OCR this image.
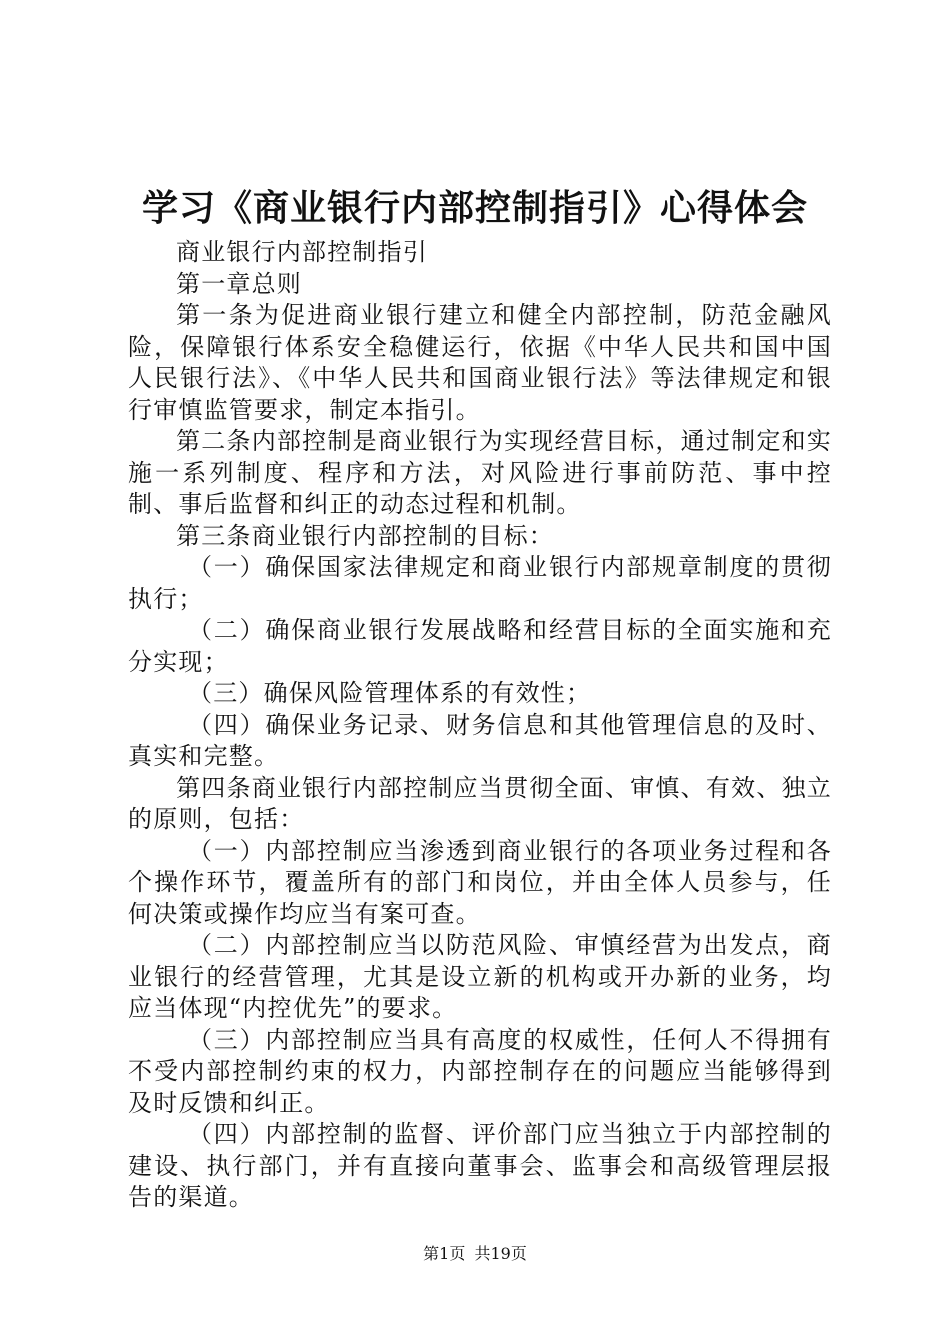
学习《商业银行内部控制指引》心得体会

商业银行内部控制指引

第一章总则

第一条为促进商业银行建立和健全内部控制，防范金融风险，保障银行体系安全稳健运行，依据《中华人民共和国中国人民银行法》、《中华人民共和国商业银行法》等法律规定和银行审慎监管要求，制定本指引。

第二条内部控制是商业银行为实现经营目标，通过制定和实施一系列制度、程序和方法，对风险进行事前防范、事中控制、事后监督和纠正的动态过程和机制。

第三条商业银行内部控制的目标：

（一）确保国家法律规定和商业银行内部规章制度的贯彻执行；

（二）确保商业银行发展战略和经营目标的全面实施和充分实现；

（三）确保风险管理体系的有效性；

（四）确保业务记录、财务信息和其他管理信息的及时、真实和完整。

第四条商业银行内部控制应当贯彻全面、审慎、有效、独立的原则，包括：

（一）内部控制应当渗透到商业银行的各项业务过程和各个操作环节，覆盖所有的部门和岗位，并由全体人员参与，任何决策或操作均应当有案可查。

（二）内部控制应当以防范风险、审慎经营为出发点，商业银行的经营管理，尤其是设立新的机构或开办新的业务，均应当体现“内控优先”的要求。

（三）内部控制应当具有高度的权威性，任何人不得拥有不受内部控制约束的权力，内部控制存在的问题应当能够得到及时反馈和纠正。

（四）内部控制的监督、评价部门应当独立于内部控制的建设、执行部门，并有直接向董事会、监事会和高级管理层报告的渠道。

第1页 共19页
